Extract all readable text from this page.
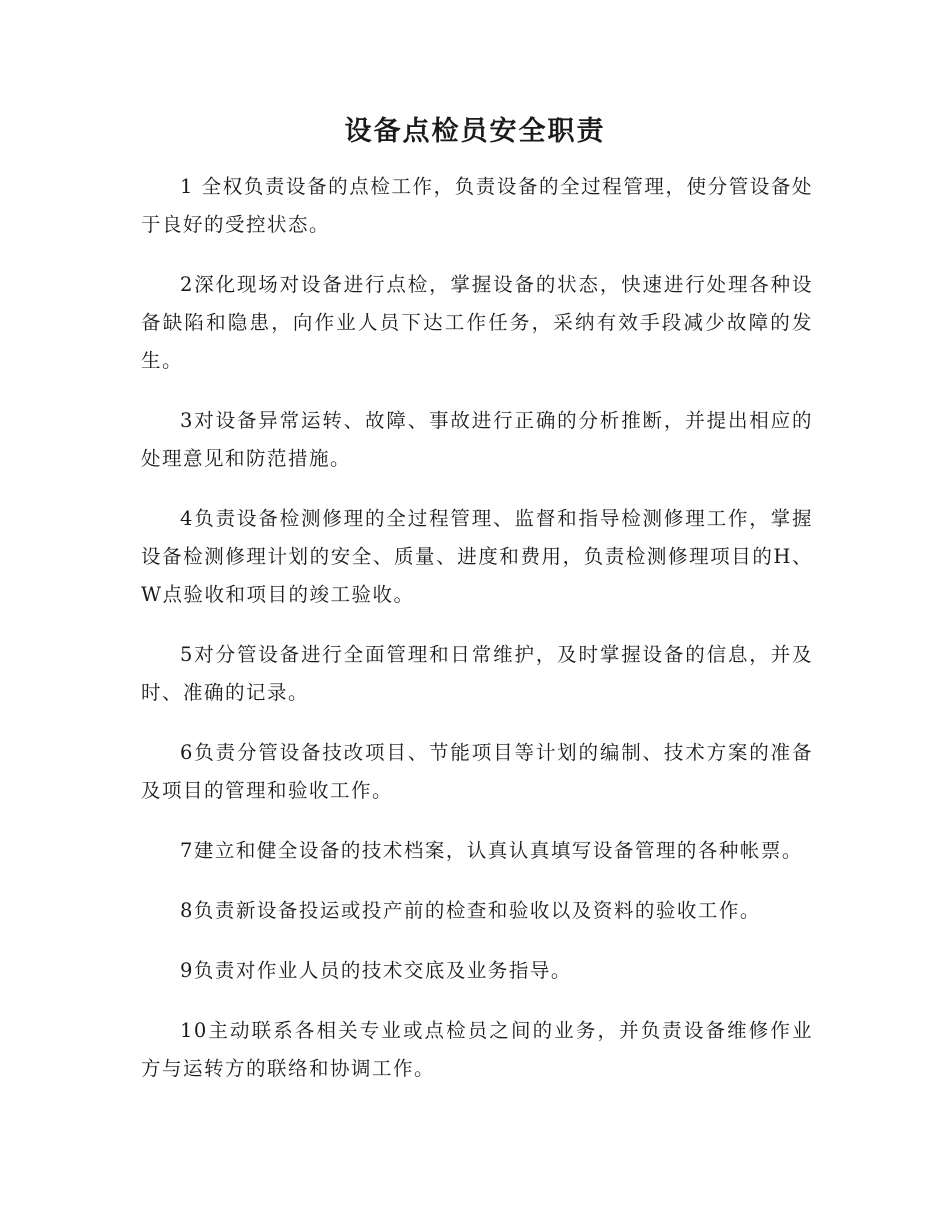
设备点检员安全职责

1 全权负责设备的点检工作，负责设备的全过程管理，使分管设备处于良好的受控状态。

2深化现场对设备进行点检，掌握设备的状态，快速进行处理各种设备缺陷和隐患，向作业人员下达工作任务，采纳有效手段减少故障的发生。

3对设备异常运转、故障、事故进行正确的分析推断，并提出相应的处理意见和防范措施。

4负责设备检测修理的全过程管理、监督和指导检测修理工作，掌握设备检测修理计划的安全、质量、进度和费用，负责检测修理项目的H、W点验收和项目的竣工验收。

5对分管设备进行全面管理和日常维护，及时掌握设备的信息，并及时、准确的记录。

6负责分管设备技改项目、节能项目等计划的编制、技术方案的准备及项目的管理和验收工作。

7建立和健全设备的技术档案，认真认真填写设备管理的各种帐票。

8负责新设备投运或投产前的检查和验收以及资料的验收工作。

9负责对作业人员的技术交底及业务指导。

10主动联系各相关专业或点检员之间的业务，并负责设备维修作业方与运转方的联络和协调工作。
